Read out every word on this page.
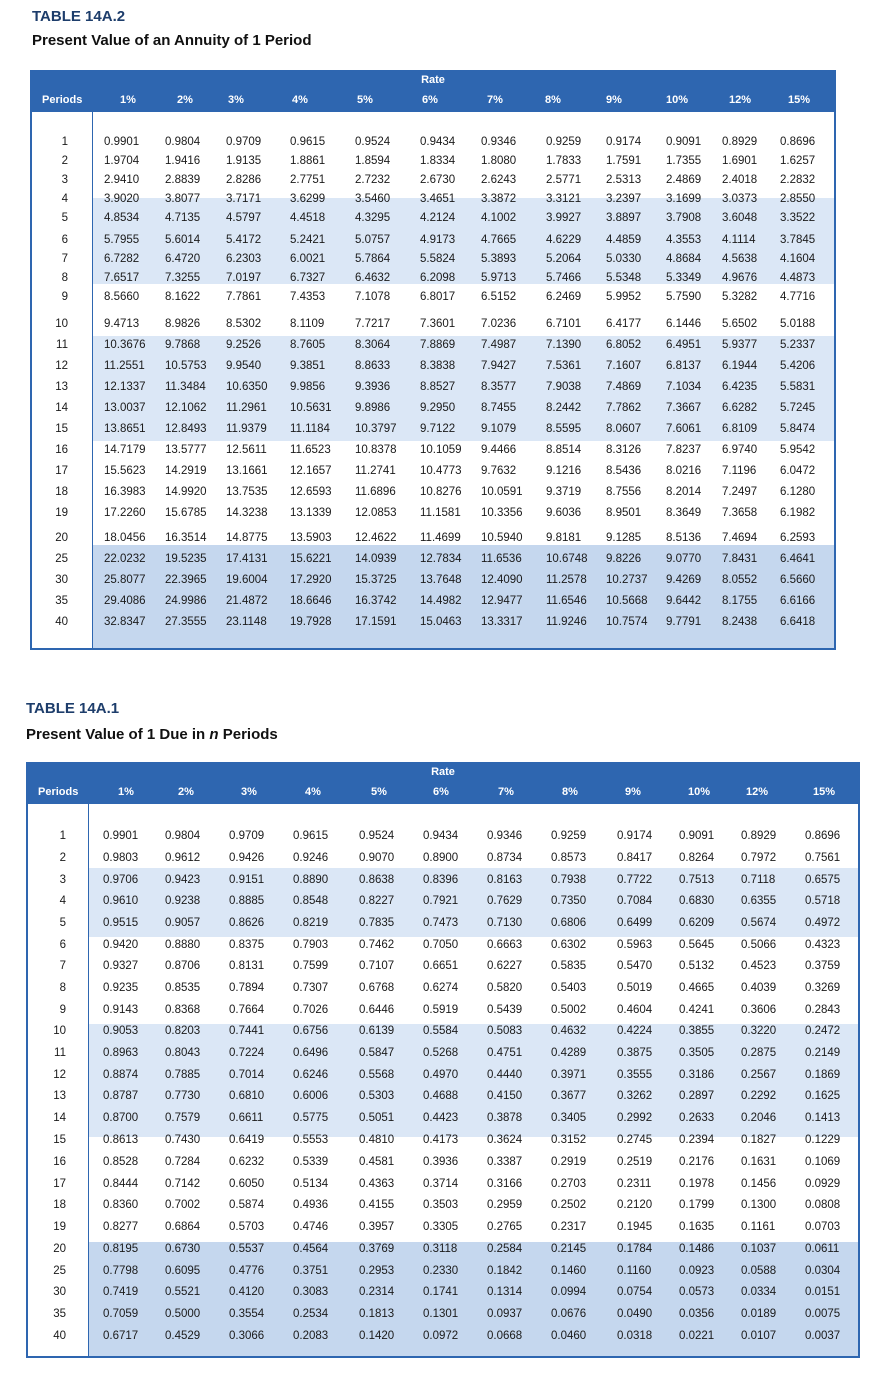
TABLE 14A.2
Present Value of an Annuity of 1 Period
Rate
Periods	1%	2%	3%	4%	5%	6%	7%	8%	9%	10%	12%	15%
1	0.9901 0.9804 0.9709	0.9615	0.9524	0.9434 0.9346	0.9259 0.9174 0.9091 0.8929 0.8696
2	1.9704 1.9416 1.9135	1.8861	1.8594	1.8334 1.8080	1.7833 1.7591 1.7355 1.6901 1.6257
3	2.9410 2.8839 2.8286	2.7751	2.7232	2.6730 2.6243	2.5771 2.5313 2.4869 2.4018 2.2832
4	3.9020 3.8077 3.7171	3.6299	3.5460	3.4651 3.3872	3.3121 3.2397 3.1699 3.0373 2.8550
5	4.8534 4.7135 4.5797	4.4518	4.3295	4.2124 4.1002	3.9927 3.8897 3.7908 3.6048 3.3522
6	5.7955 5.6014 5.4172	5.2421	5.0757	4.9173 4.7665	4.6229 4.4859 4.3553 4.1114 3.7845
7	6.7282 6.4720 6.2303	6.0021	5.7864	5.5824 5.3893	5.2064 5.0330 4.8684 4.5638 4.1604
8	7.6517 7.3255 7.0197	6.7327	6.4632	6.2098 5.9713	5.7466 5.5348 5.3349 4.9676 4.4873
9	8.5660 8.1622 7.7861	7.4353	7.1078	6.8017 6.5152	6.2469 5.9952 5.7590 5.3282 4.7716
10	9.4713 8.9826 8.5302	8.1109	7.7217	7.3601 7.0236	6.7101 6.4177 6.1446 5.6502 5.0188
11	10.3676 9.7868 9.2526	8.7605	8.3064	7.8869 7.4987	7.1390 6.8052 6.4951 5.9377 5.2337
12	11.2551 10.5753 9.9540	9.3851	8.8633	8.3838 7.9427	7.5361 7.1607 6.8137 6.1944 5.4206
13	12.1337 11.3484 10.6350 9.9856	9.3936	8.8527 8.3577	7.9038 7.4869 7.1034 6.4235 5.5831
14	13.0037 12.1062 11.2961 10.5631 9.8986	9.2950 8.7455	8.2442 7.7862 7.3667 6.6282 5.7245
15	13.8651 12.8493 11.9379 11.1184 10.3797 9.7122 9.1079	8.5595 8.0607 7.6061 6.8109 5.8474
16	14.7179 13.5777 12.5611 11.6523 10.8378 10.1059 9.4466	8.8514 8.3126 7.8237 6.9740 5.9542
17	15.5623 14.2919 13.1661 12.1657 11.2741 10.4773 9.7632	9.1216 8.5436 8.0216 7.1196 6.0472
18	16.3983 14.9920 13.7535 12.6593 11.6896 10.8276 10.0591 9.3719 8.7556 8.2014 7.2497 6.1280
19	17.2260 15.6785 14.3238 13.1339 12.0853 11.1581 10.3356 9.6036 8.9501 8.3649 7.3658 6.1982
20	18.0456 16.3514 14.8775 13.5903 12.4622 11.4699 10.5940 9.8181 9.1285 8.5136 7.4694 6.2593
25	22.0232 19.5235 17.4131 15.6221 14.0939 12.7834 11.6536 10.6748 9.8226 9.0770 7.8431 6.4641
30	25.8077 22.3965 19.6004 17.2920 15.3725 13.7648 12.4090 11.2578 10.2737 9.4269 8.0552 6.5660
35	29.4086 24.9986 21.4872 18.6646 16.3742 14.4982 12.9477 11.6546 10.5668 9.6442 8.1755 6.6166
40	32.8347 27.3555 23.1148 19.7928 17.1591 15.0463 13.3317 11.9246 10.7574 9.7791 8.2438 6.6418
TABLE 14A.1
Present Value of 1 Due in n Periods
Rate
Periods	1%	2%	3%	4%	5%	6%	7%	8%	9%	10%	12%	15%
1	0.9901 0.9804	0.9709	0.9615	0.9524	0.9434	0.9346	0.9259	0.9174 0.9091 0.8929	0.8696
2	0.9803 0.9612	0.9426	0.9246	0.9070	0.8900	0.8734	0.8573	0.8417 0.8264 0.7972	0.7561
3	0.9706 0.9423	0.9151	0.8890	0.8638	0.8396	0.8163	0.7938	0.7722 0.7513 0.7118	0.6575
4	0.9610 0.9238	0.8885	0.8548	0.8227	0.7921	0.7629	0.7350	0.7084 0.6830 0.6355	0.5718
5	0.9515 0.9057	0.8626	0.8219	0.7835	0.7473	0.7130	0.6806	0.6499 0.6209 0.5674	0.4972
6	0.9420 0.8880	0.8375	0.7903	0.7462	0.7050	0.6663	0.6302	0.5963 0.5645 0.5066	0.4323
7	0.9327 0.8706	0.8131	0.7599	0.7107	0.6651	0.6227	0.5835	0.5470 0.5132 0.4523	0.3759
8	0.9235 0.8535	0.7894	0.7307	0.6768	0.6274	0.5820	0.5403	0.5019 0.4665 0.4039	0.3269
9	0.9143 0.8368	0.7664	0.7026	0.6446	0.5919	0.5439	0.5002	0.4604 0.4241 0.3606	0.2843
10	0.9053 0.8203	0.7441	0.6756	0.6139	0.5584	0.5083	0.4632	0.4224 0.3855 0.3220	0.2472
11	0.8963 0.8043	0.7224	0.6496	0.5847	0.5268	0.4751	0.4289	0.3875 0.3505 0.2875	0.2149
12	0.8874 0.7885	0.7014	0.6246	0.5568	0.4970	0.4440	0.3971	0.3555 0.3186 0.2567	0.1869
13	0.8787 0.7730	0.6810	0.6006	0.5303	0.4688	0.4150	0.3677	0.3262 0.2897 0.2292	0.1625
14	0.8700 0.7579	0.6611	0.5775	0.5051	0.4423	0.3878	0.3405	0.2992 0.2633 0.2046	0.1413
15	0.8613 0.7430	0.6419	0.5553	0.4810	0.4173	0.3624	0.3152	0.2745 0.2394 0.1827	0.1229
16	0.8528 0.7284	0.6232	0.5339	0.4581	0.3936	0.3387	0.2919	0.2519 0.2176 0.1631	0.1069
17	0.8444 0.7142	0.6050	0.5134	0.4363	0.3714	0.3166	0.2703	0.2311 0.1978 0.1456	0.0929
18	0.8360 0.7002	0.5874	0.4936	0.4155	0.3503	0.2959	0.2502	0.2120 0.1799 0.1300	0.0808
19	0.8277 0.6864	0.5703	0.4746	0.3957	0.3305	0.2765	0.2317	0.1945 0.1635 0.1161	0.0703
20	0.8195 0.6730	0.5537	0.4564	0.3769	0.3118	0.2584	0.2145	0.1784 0.1486 0.1037	0.0611
25	0.7798 0.6095	0.4776	0.3751	0.2953	0.2330	0.1842	0.1460	0.1160 0.0923 0.0588	0.0304
30	0.7419 0.5521	0.4120	0.3083	0.2314	0.1741	0.1314	0.0994	0.0754 0.0573 0.0334	0.0151
35	0.7059 0.5000	0.3554	0.2534	0.1813	0.1301	0.0937	0.0676	0.0490 0.0356 0.0189	0.0075
40	0.6717 0.4529	0.3066	0.2083	0.1420	0.0972	0.0668	0.0460	0.0318 0.0221 0.0107	0.0037
